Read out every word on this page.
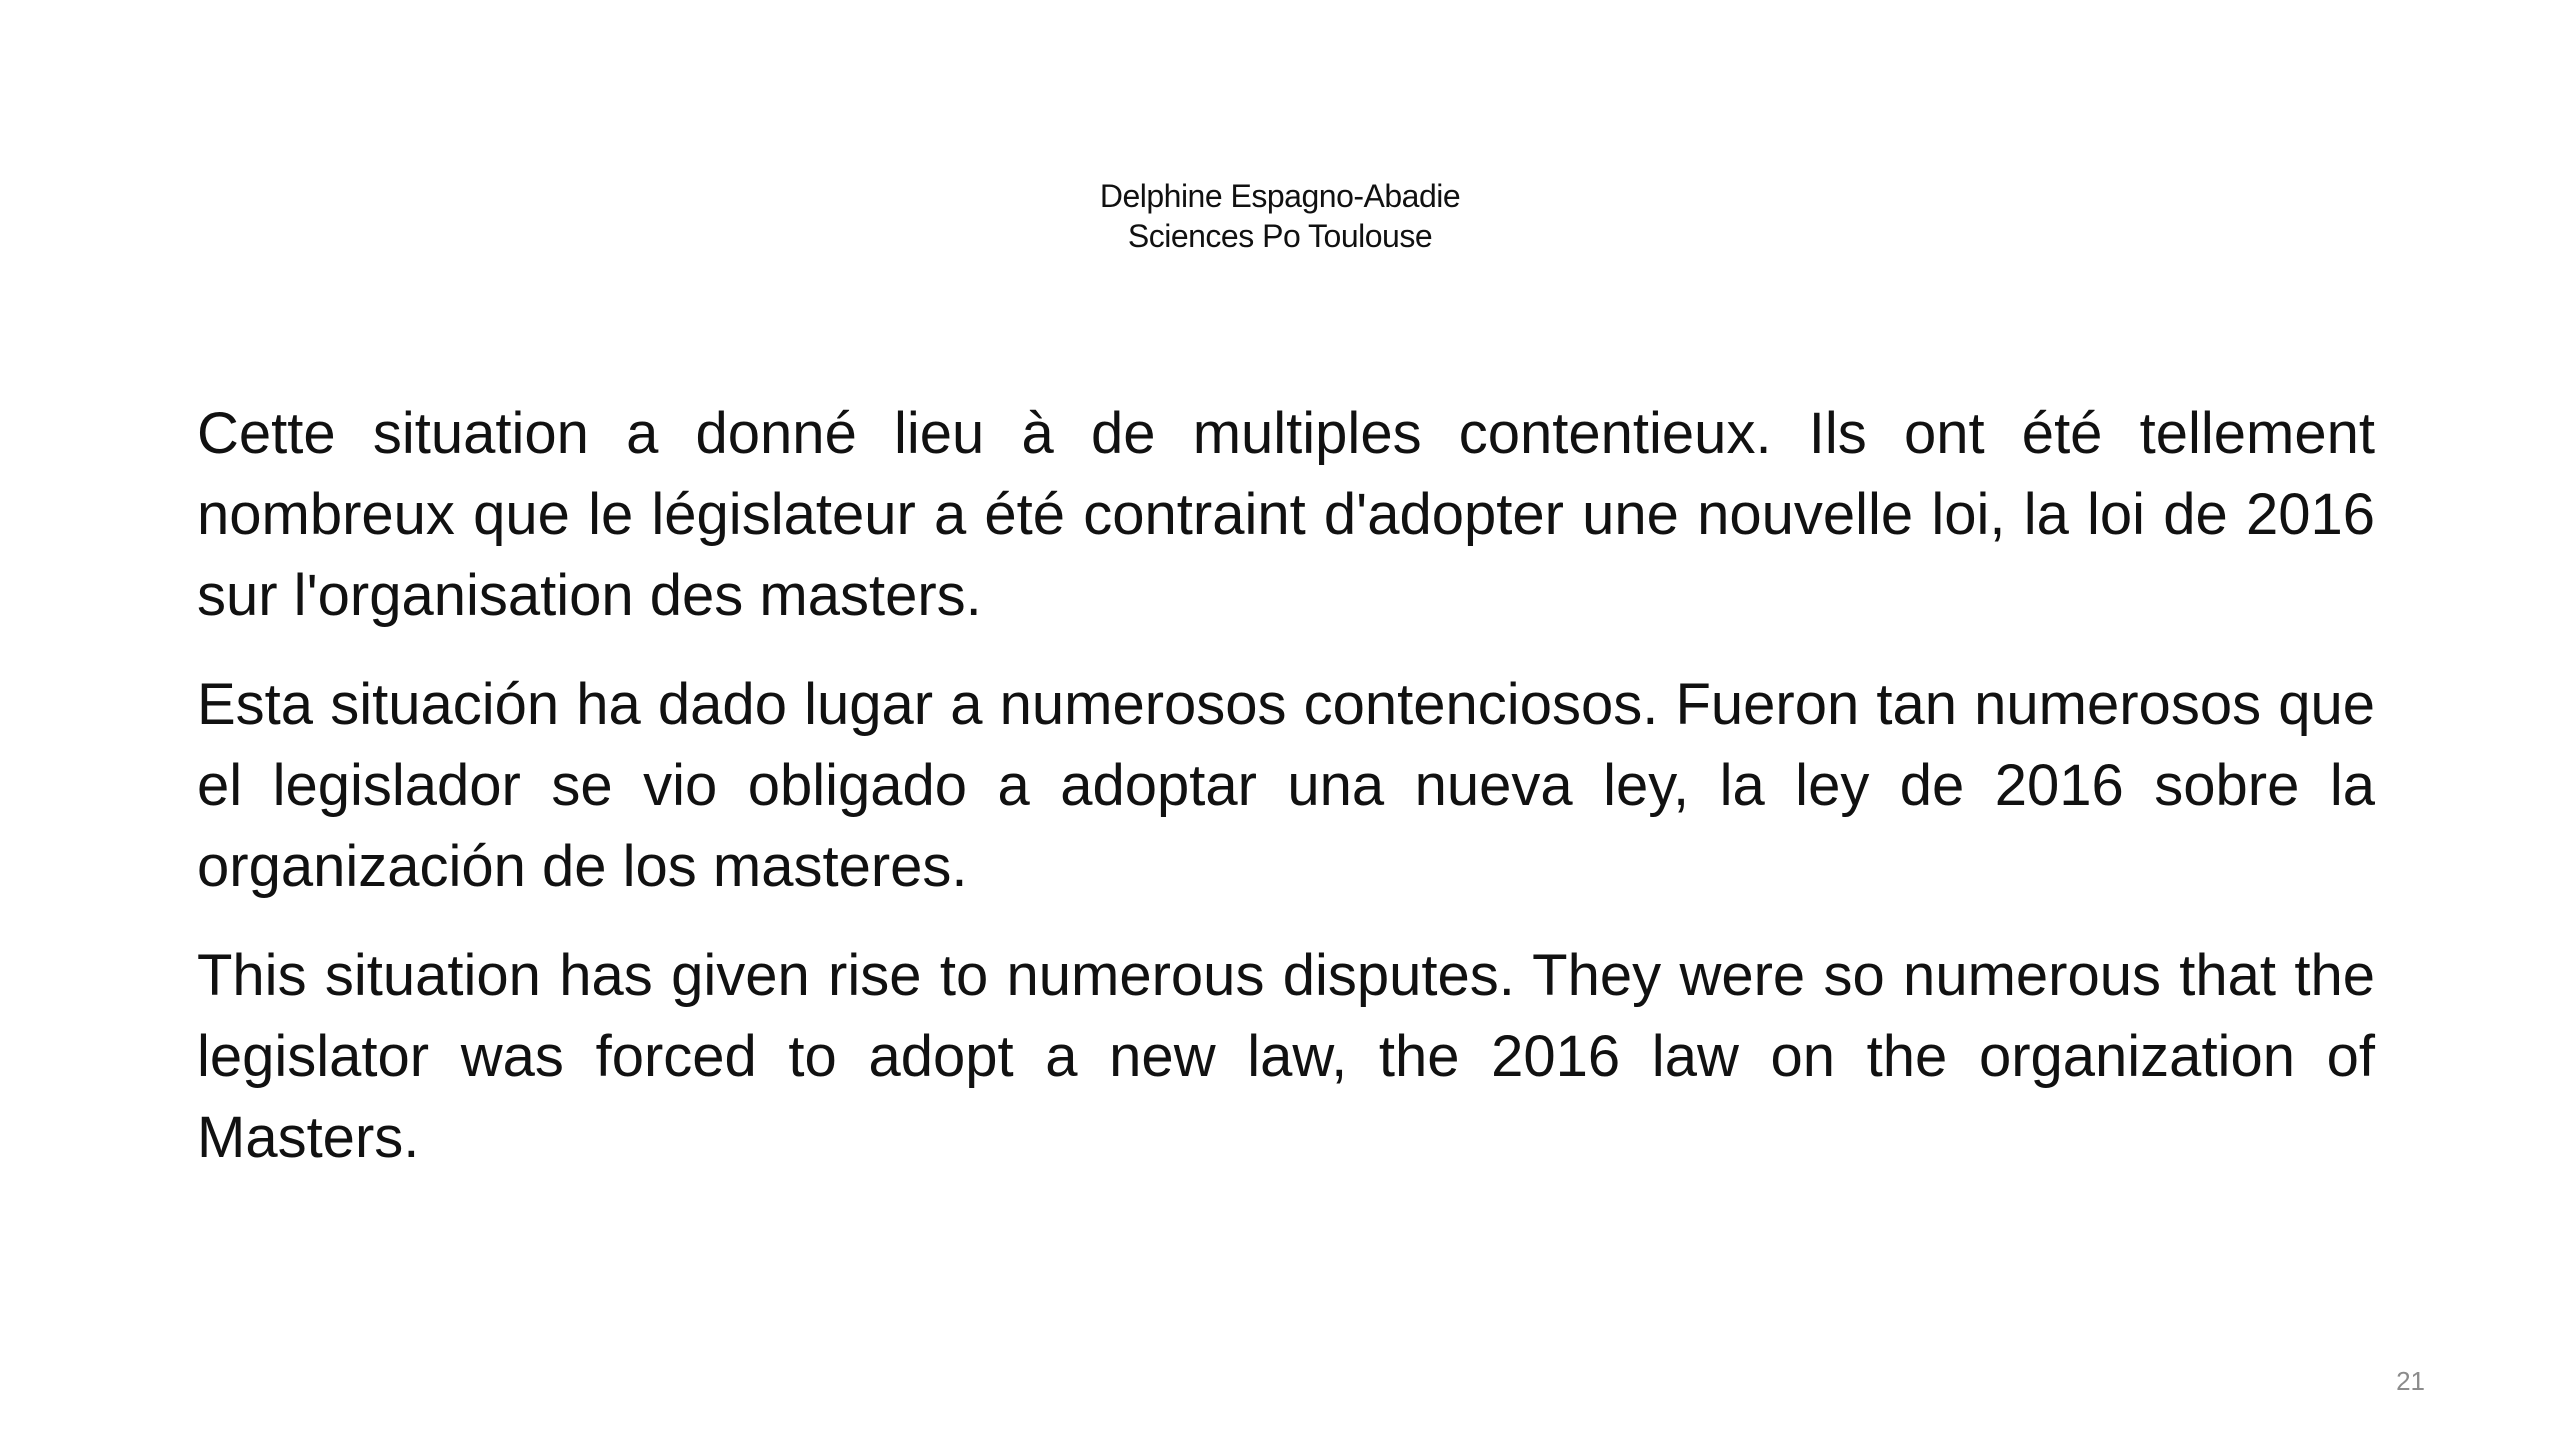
Delphine Espagno-Abadie
Sciences Po Toulouse

Cette situation a donné lieu à de multiples contentieux. Ils ont été tellement nombreux que le législateur a été contraint d'adopter une nouvelle loi, la loi de 2016 sur l'organisation des masters.

Esta situación ha dado lugar a numerosos contenciosos. Fueron tan numerosos que el legislador se vio obligado a adoptar una nueva ley, la ley de 2016 sobre la organización de los masteres.

This situation has given rise to numerous disputes. They were so numerous that the legislator was forced to adopt a new law, the 2016 law on the organization of Masters.

21
